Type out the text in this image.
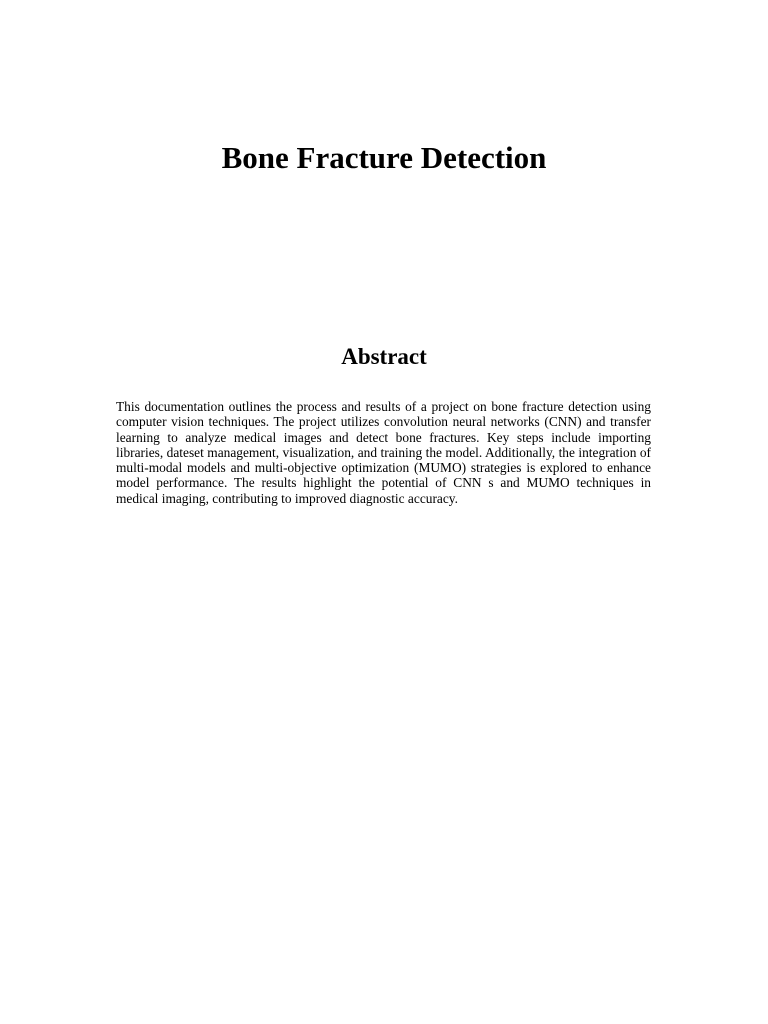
Bone Fracture Detection
Abstract

This documentation outlines the process and results of a project on bone fracture detection using computer vision techniques. The project utilizes convolution neural networks (CNN) and transfer learning to analyze medical images and detect bone fractures. Key steps include importing libraries, dateset management, visualization, and training the model. Additionally, the integration of multi-modal models and multi-objective optimization (MUMO) strategies is explored to enhance model performance. The results highlight the potential of CNN s and MUMO techniques in medical imaging, contributing to improved diagnostic accuracy.
